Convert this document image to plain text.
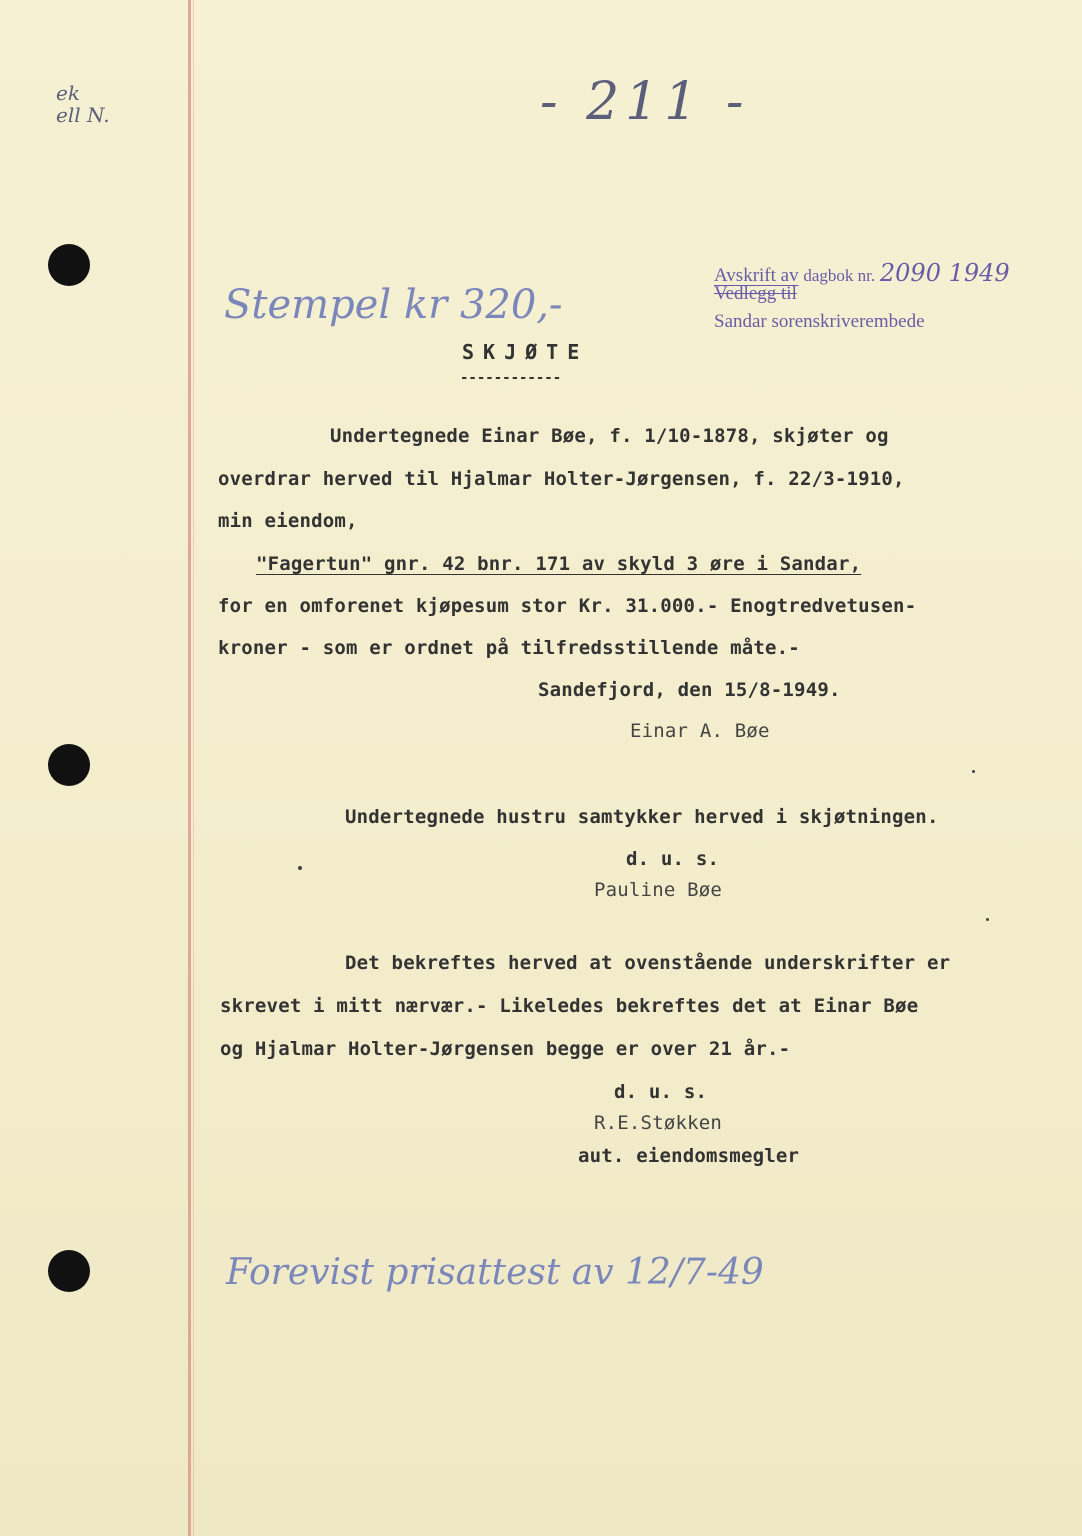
- 211 -
ek
ell N.
Avskrift av dagbok nr. 2090 1949
Vedlegg til
Sandar sorenskriverembede
Stempel kr 320,-
SKJØTE
------------
Undertegnede Einar Bøe, f. 1/10-1878, skjøter og
overdrar herved til Hjalmar Holter-Jørgensen, f. 22/3-1910,
min eiendom,
"Fagertun" gnr. 42 bnr. 171 av skyld 3 øre i Sandar,
for en omforenet kjøpesum stor Kr. 31.000.- Enogtredvetusen-
kroner - som er ordnet på tilfredsstillende måte.-
Sandefjord, den 15/8-1949.
Einar A. Bøe
Undertegnede hustru samtykker herved i skjøtningen.
d. u. s.
Pauline Bøe
Det bekreftes herved at ovenstående underskrifter er
skrevet i mitt nærvær.- Likeledes bekreftes det at Einar Bøe
og Hjalmar Holter-Jørgensen begge er over 21 år.-
d. u. s.
R.E.Støkken
aut. eiendomsmegler
Forevist prisattest av 12/7-49
